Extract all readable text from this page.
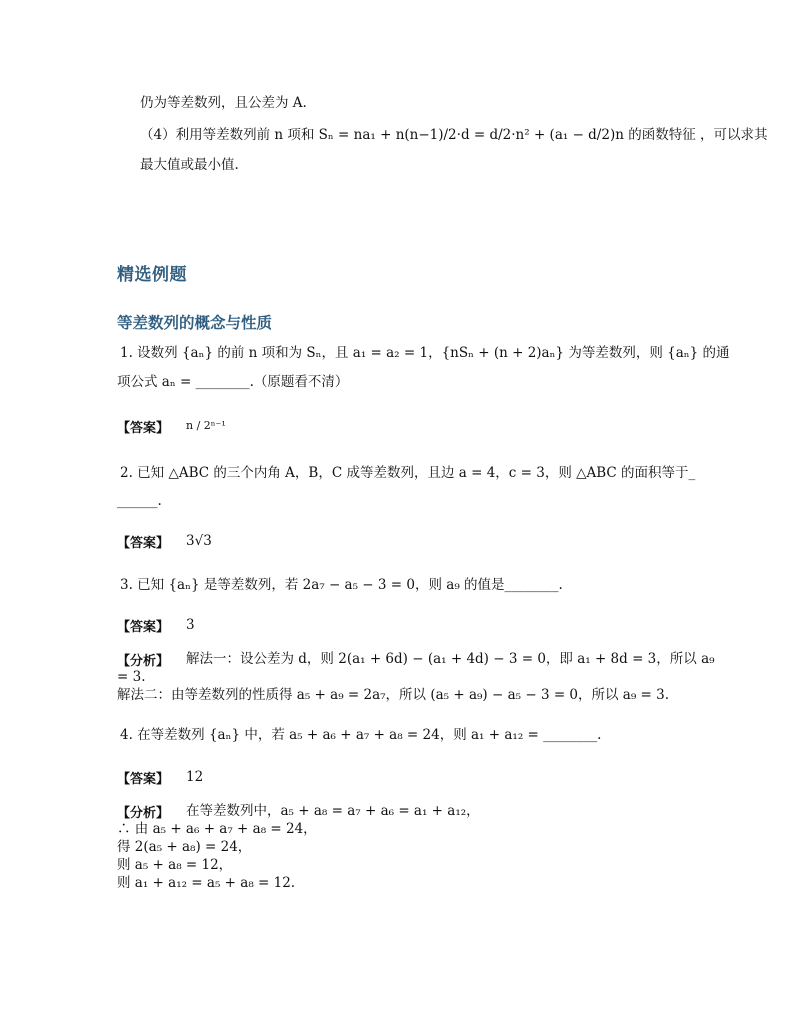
仍为等差数列，且公差为 A.
（4）利用等差数列前 n 项和 Sₙ = na₁ + n(n−1)/2·d = d/2·n² + (a₁ − d/2)n 的函数特征 ，可以求其
最大值或最小值.
精选例题
等差数列的概念与性质
1. 设数列 {aₙ} 的前 n 项和为 Sₙ，且 a₁ = a₂ = 1，{nSₙ + (n + 2)aₙ} 为等差数列，则 {aₙ} 的通
项公式 aₙ = ________.（原题看不清）
【答案】 n / 2ⁿ⁻¹
2. 已知 △ABC 的三个内角 A，B，C 成等差数列，且边 a = 4，c = 3，则 △ABC 的面积等于_
______.
【答案】 3√3
3. 已知 {aₙ} 是等差数列，若 2a₇ − a₅ − 3 = 0，则 a₉ 的值是________.
【答案】 3
【分析】 解法一：设公差为 d，则 2(a₁ + 6d) − (a₁ + 4d) − 3 = 0，即 a₁ + 8d = 3，所以 a₉
= 3.
解法二：由等差数列的性质得 a₅ + a₉ = 2a₇，所以 (a₅ + a₉) − a₅ − 3 = 0，所以 a₉ = 3.
4. 在等差数列 {aₙ} 中，若 a₅ + a₆ + a₇ + a₈ = 24，则 a₁ + a₁₂ = ________.
【答案】 12
【分析】 在等差数列中，a₅ + a₈ = a₇ + a₆ = a₁ + a₁₂，
∴ 由 a₅ + a₆ + a₇ + a₈ = 24，
得 2(a₅ + a₈) = 24，
则 a₅ + a₈ = 12，
则 a₁ + a₁₂ = a₅ + a₈ = 12.
